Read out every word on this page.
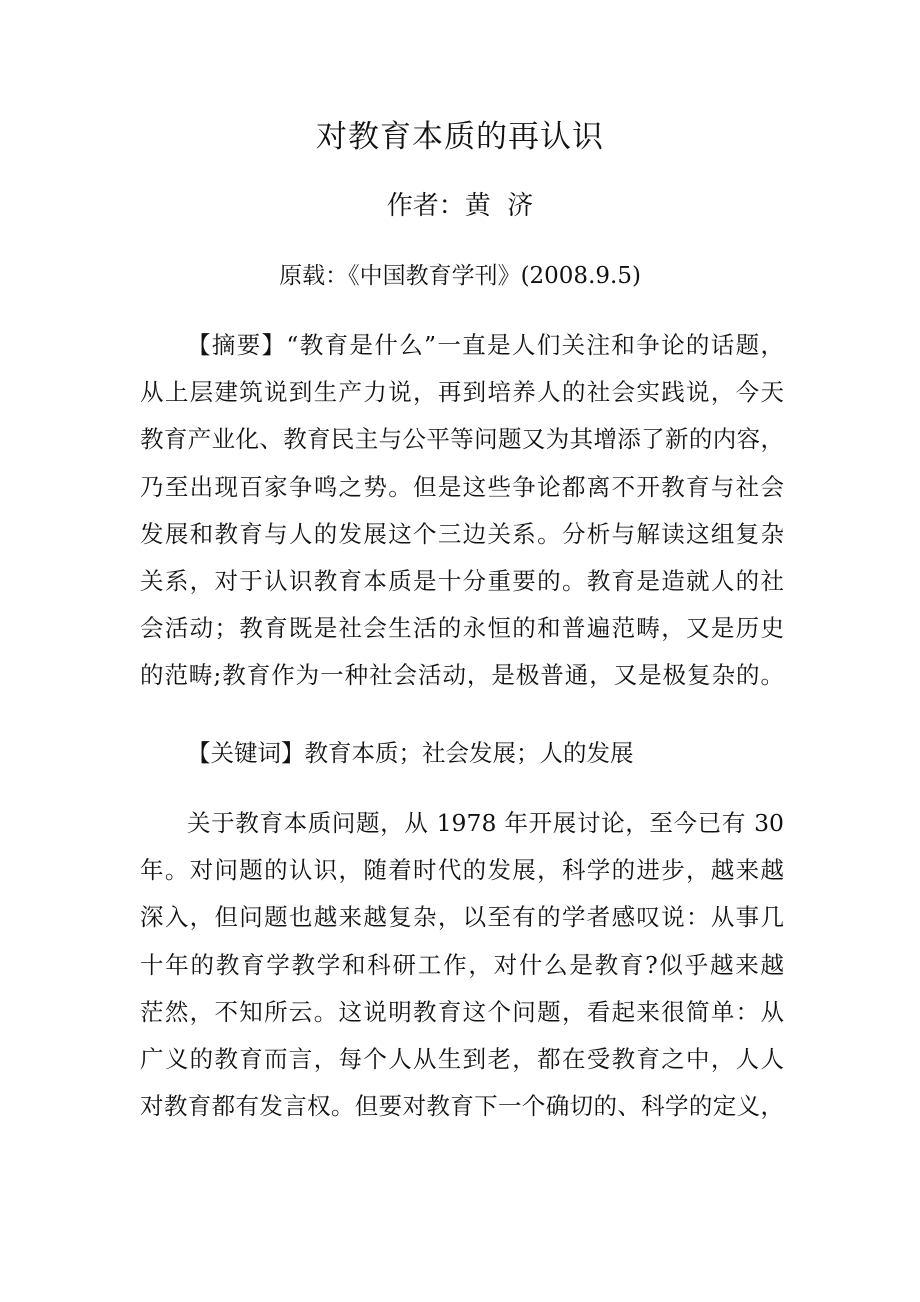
对教育本质的再认识
作者：黄  济
原载：《中国教育学刊》(2008.9.5)
【摘要】“教育是什么”一直是人们关注和争论的话题，
从上层建筑说到生产力说，再到培养人的社会实践说，今天
教育产业化、教育民主与公平等问题又为其增添了新的内容，
乃至出现百家争鸣之势。但是这些争论都离不开教育与社会
发展和教育与人的发展这个三边关系。分析与解读这组复杂
关系，对于认识教育本质是十分重要的。教育是造就人的社
会活动；教育既是社会生活的永恒的和普遍范畴，又是历史
的范畴;教育作为一种社会活动，是极普通，又是极复杂的。
【关键词】教育本质；社会发展；人的发展
关于教育本质问题，从 1978 年开展讨论，至今已有 30
年。对问题的认识，随着时代的发展，科学的进步，越来越
深入，但问题也越来越复杂，以至有的学者感叹说：从事几
十年的教育学教学和科研工作，对什么是教育?似乎越来越
茫然，不知所云。这说明教育这个问题，看起来很简单：从
广义的教育而言，每个人从生到老，都在受教育之中，人人
对教育都有发言权。但要对教育下一个确切的、科学的定义，
